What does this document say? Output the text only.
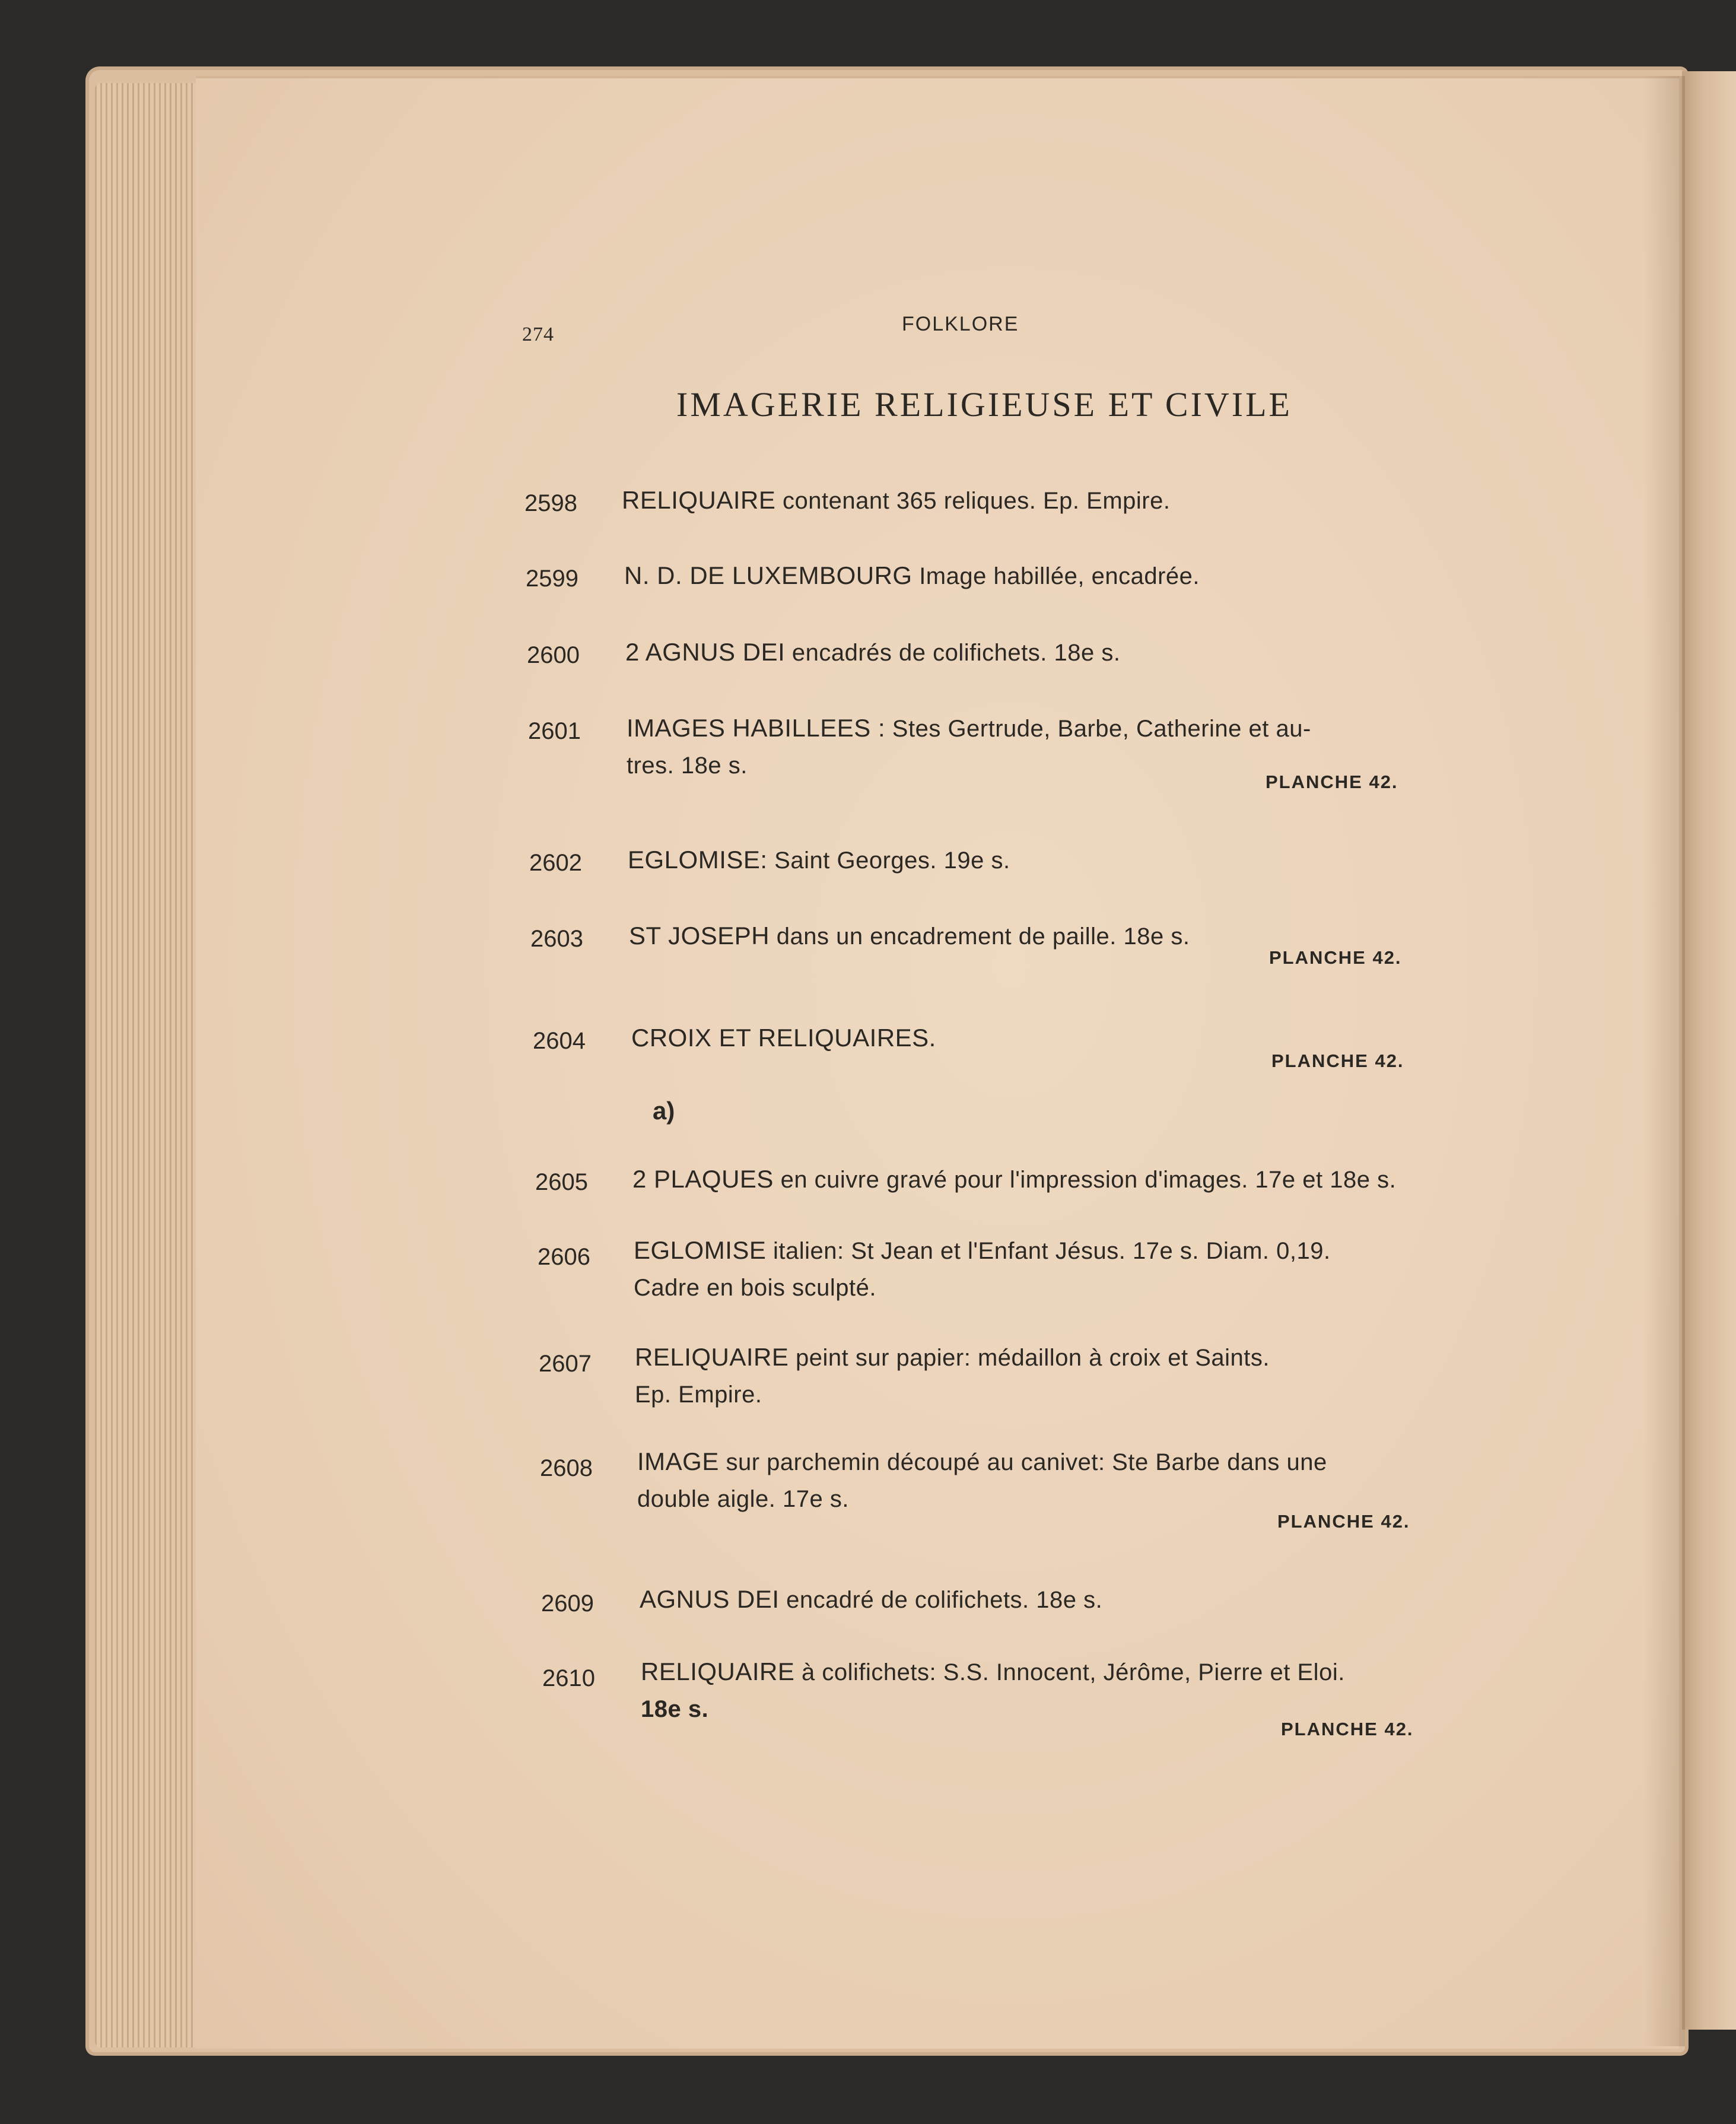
274	FOLKLORE
IMAGERIE RELIGIEUSE ET CIVILE
2598	RELIQUAIRE contenant 365 reliques. Ep. Empire.
2599	N. D. DE LUXEMBOURG Image habillée, encadrée.
2600	2 AGNUS DEI encadrés de colifichets. 18e s.
2601	IMAGES HABILLEES : Stes Gertrude, Barbe, Catherine et au-
tres. 18e s.
PLANCHE 42.
2602	EGLOMISE: Saint Georges. 19e s.
2603	ST JOSEPH dans un encadrement de paille. 18e s.
PLANCHE 42.
2604	CROIX ET RELIQUAIRES.
PLANCHE 42.
a)
2605	2 PLAQUES en cuivre gravé pour l'impression d'images. 17e et 18e s.
2606	EGLOMISE italien: St Jean et l'Enfant Jésus. 17e s. Diam. 0,19.
Cadre en bois sculpté.
2607	RELIQUAIRE peint sur papier: médaillon à croix et Saints.
Ep. Empire.
2608	IMAGE sur parchemin découpé au canivet: Ste Barbe dans une
double aigle. 17e s.
PLANCHE 42.
2609	AGNUS DEI encadré de colifichets. 18e s.
2610	RELIQUAIRE à colifichets: S.S. Innocent, Jérôme, Pierre et Eloi.
18e s.
PLANCHE 42.
